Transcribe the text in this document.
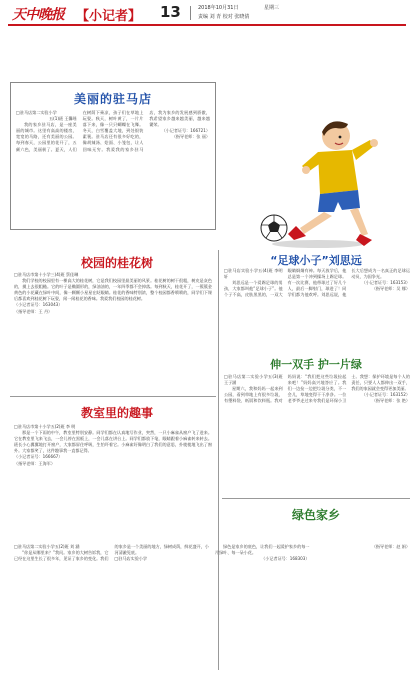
天中晚报 【小记者】 13	2018年10月31日	星期三
责编 刘 青 校对 张晓倩
美丽的驻马店
□驻马店第二实验小学
五(1)班 王馨瑶

我的家乡驻马店，是一座美丽的城市。这里有高高的楼房，宽宽的马路，还有美丽的公园。每到春天，公园里的花开了，五颜六色，美丽极了。夏天，人们在树荫下乘凉，孩子们在草地上玩耍。秋天，树叶黄了，一片片落下来，像一只只蝴蝶在飞舞。冬天，白雪覆盖大地，到处银装素裹。驻马店还有很多好吃的，像胡辣汤、烩面、小笼包，让人回味无穷。我爱我的家乡驻马店，我为家乡的发展感到骄傲，我希望家乡越来越美丽，越来越繁荣。

（小记者证号：166721）
（指导老师：张 丽）
校园的桂花树
□驻马店市第十小学三(4)班 蔡佳琳

我们学校的校园里有一棵高大的桂花树，它是我们校园里最美丽的风景。桂花树的树干很粗，树皮是灰色的，摸上去很粗糙。它的叶子是椭圆形的，绿油油的，一年四季都不会掉落。每到秋天，桂花开了，一簇簇金黄色的小花藏在绿叶中间，像一颗颗小星星在眨眼睛。桂花的香味特别浓，整个校园都香喷喷的，同学们下课后都喜欢到桂花树下玩耍，闻一闻桂花的香味。我爱我们校园的桂花树。

（小记者证号：163043）
（指导老师：王 丹）
“足球小子”刘思远
□驻马店实验小学五(4)班 李明轩

刘思远是一个爱踢足球的男孩，大家都叫他“足球小子”。他个子不高，皮肤黑黑的，一双大眼睛炯炯有神。每天放学后，他总是第一个冲到操场上踢足球。有一次比赛，他带球过了好几个人，最后一脚射门，球进了！同学们都为他欢呼。刘思远说，他长大后想成为一名真正的足球运动员，为国争光。

（小记者证号：163153）
（指导老师：吴 娜）
伸一双手 护一片绿
□驻马店第二实验小学五(3)班 王子涵

星期六，我和妈妈一起来到公园，看到草地上有很多垃圾，有塑料袋、纸屑和饮料瓶。我对妈妈说：“我们把这些垃圾捡起来吧！”妈妈高兴地答应了。我们一边捡一边把垃圾分类，不一会儿，草地变得干干净净。一位老爷爷走过来夸我们是环保小卫士。我想：保护环境是每个人的责任，只要人人都伸出一双手，我们的家园就会变得更加美丽。

（小记者证号：163152）
（指导老师：张 艳）
教室里的趣事
□驻马店市第十小学五(2)班 李 明

那是一个下雨的中午，教室里特别安静。同学们都在认真地写作业，突然，一只小麻雀从窗户飞了进来。它在教室里飞来飞去，一会儿停在黑板上，一会儿落在讲台上。同学们都放下笔，眼睛跟着小麻雀转来转去。班长小心翼翼地打开窗户，大家都屏住呼吸，生怕吓着它。小麻雀好像明白了我们的意思，扑棱棱地飞出了窗外。大家都笑了，这件趣事我一直都记得。

（小记者证号：166667）
（指导老师：王海军）
绿色家乡
□驻马店第二实验小学五(2)班 刘 涵

“你是从哪里来？”我问。家乡的大树告诉我，它已经在这里生长了很多年，见证了家乡的变化。我们的家乡是一个美丽的地方，绿树成荫，鲜花盛开，小河清澈见底。

□驻马店实验小学

绿色是家乡的底色，让我们一起爱护家乡的每一片绿叶、每一朵小花。

（小记者证号：168303）
（指导老师：赵 娟）
